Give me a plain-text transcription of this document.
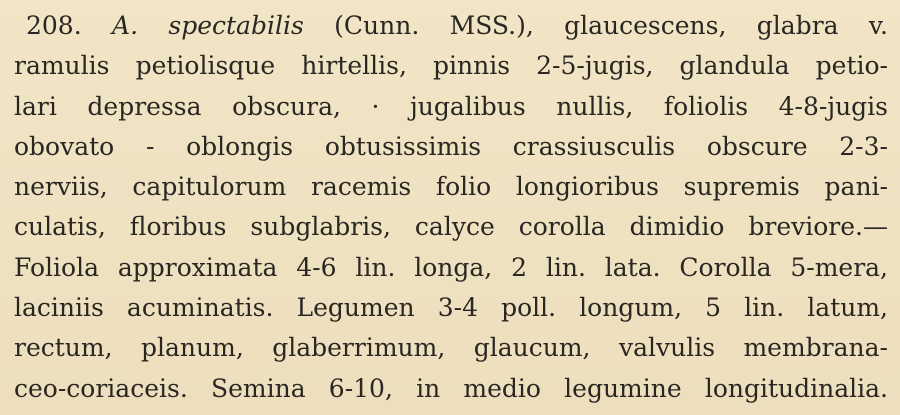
208. A. spectabilis (Cunn. MSS.), glaucescens, glabra v.
ramulis petiolisque hirtellis, pinnis 2-5-jugis, glandula petio-
lari depressa obscura, · jugalibus nullis, foliolis 4-8-jugis
obovato - oblongis obtusissimis crassiusculis obscure 2-3-
nerviis, capitulorum racemis folio longioribus supremis pani-
culatis, floribus subglabris, calyce corolla dimidio breviore.—
Foliola approximata 4-6 lin. longa, 2 lin. lata. Corolla 5-mera,
laciniis acuminatis. Legumen 3-4 poll. longum, 5 lin. latum,
rectum, planum, glaberrimum, glaucum, valvulis membrana-
ceo-coriaceis. Semina 6-10, in medio legumine longitudinalia.
